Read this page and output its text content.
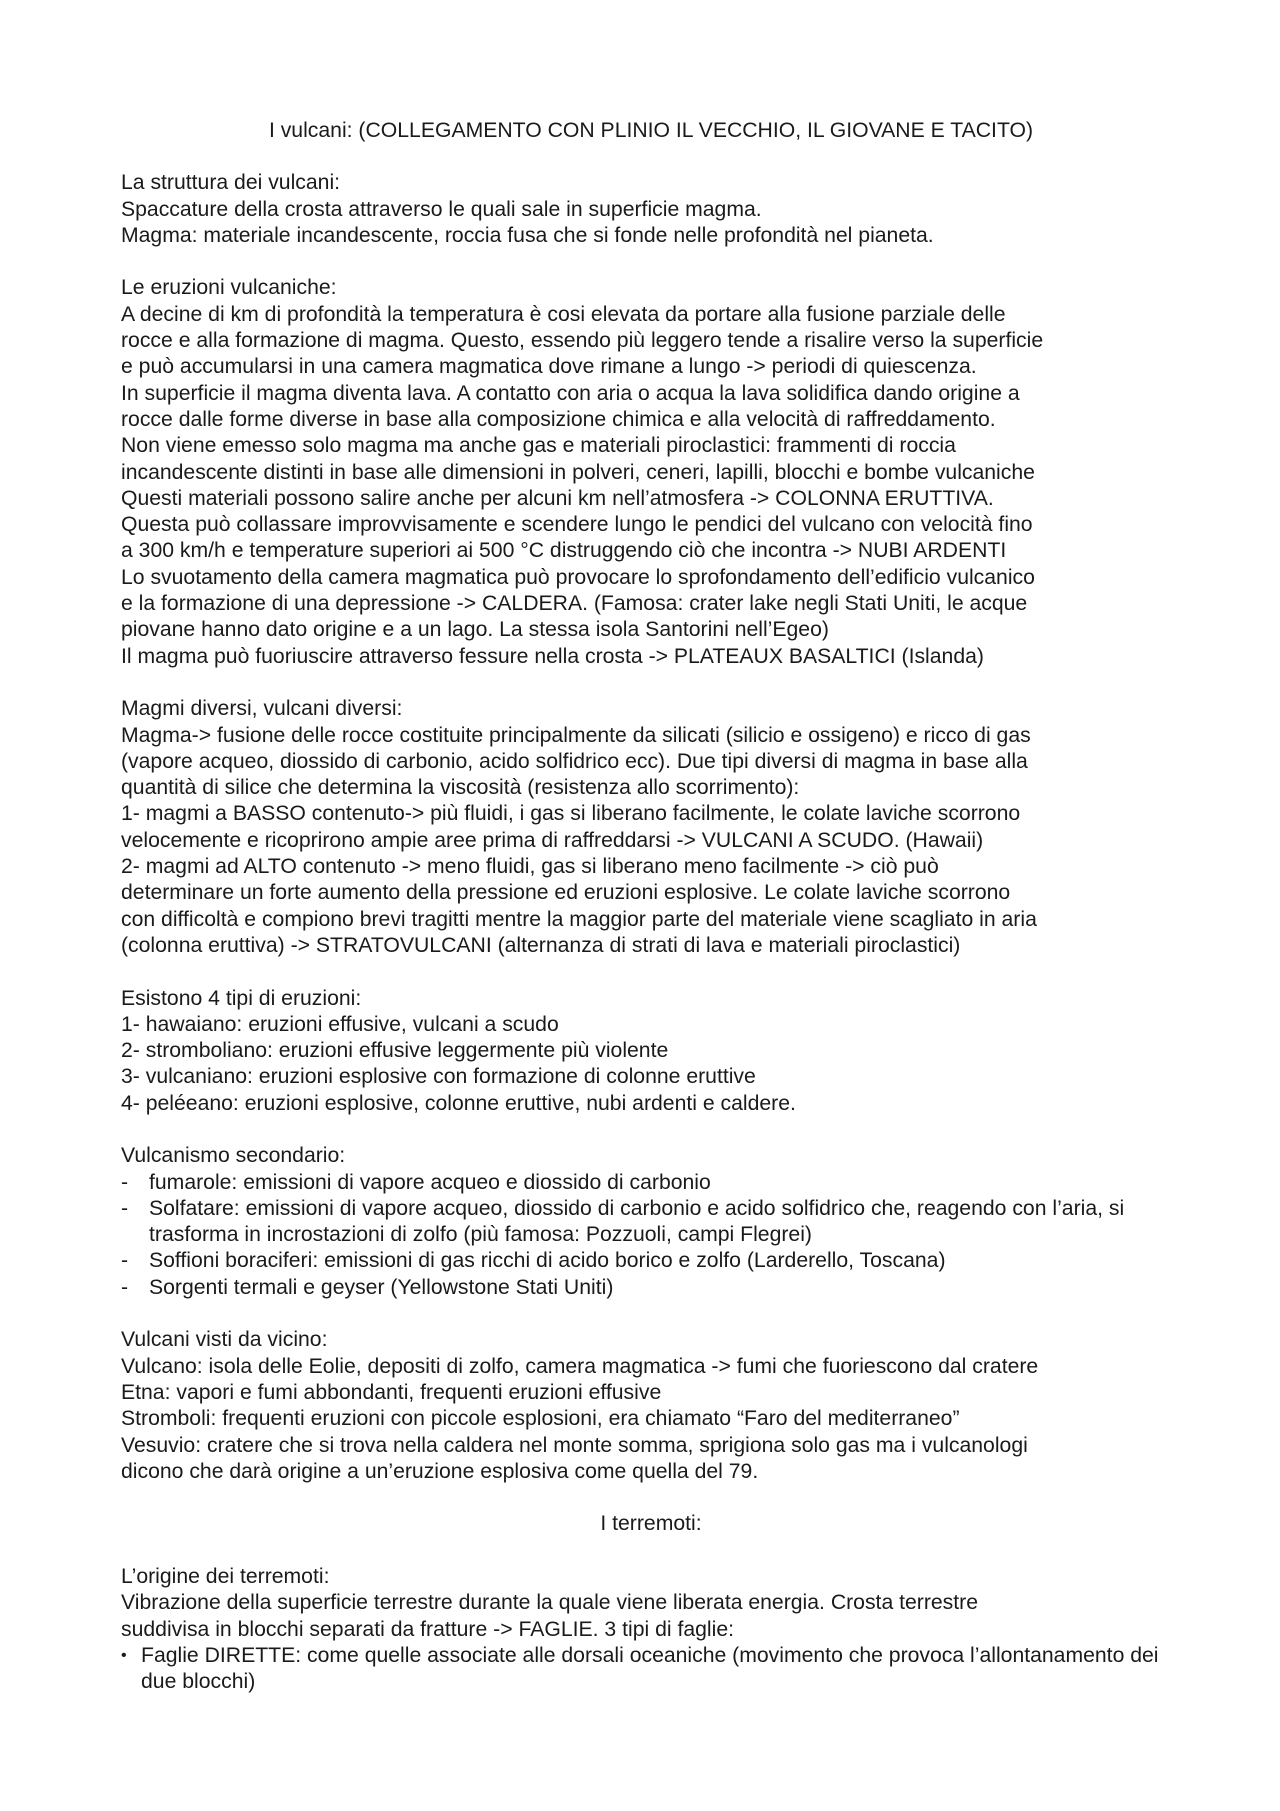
I vulcani: (COLLEGAMENTO CON PLINIO IL VECCHIO, IL GIOVANE E TACITO)
La struttura dei vulcani:
Spaccature della crosta attraverso le quali sale in superficie magma.
Magma: materiale incandescente, roccia fusa che si fonde nelle profondità nel pianeta.
Le eruzioni vulcaniche:
A decine di km di profondità la temperatura è cosi elevata da portare alla fusione parziale delle
rocce e alla formazione di magma. Questo, essendo più leggero tende a risalire verso la superficie
e può accumularsi in una camera magmatica dove rimane a lungo -> periodi di quiescenza.
In superficie il magma diventa lava. A contatto con aria o acqua la lava solidifica dando origine a
rocce dalle forme diverse in base alla composizione chimica e alla velocità di raffreddamento.
Non viene emesso solo magma ma anche gas e materiali piroclastici: frammenti di roccia
incandescente distinti in base alle dimensioni in polveri, ceneri, lapilli, blocchi e bombe vulcaniche
Questi materiali possono salire anche per alcuni km nell’atmosfera -> COLONNA ERUTTIVA.
Questa può collassare improvvisamente e scendere lungo le pendici del vulcano con velocità fino
a 300 km/h e temperature superiori ai 500 °C distruggendo ciò che incontra -> NUBI ARDENTI
Lo svuotamento della camera magmatica può provocare lo sprofondamento dell’edificio vulcanico
e la formazione di una depressione -> CALDERA. (Famosa: crater lake negli Stati Uniti, le acque
piovane hanno dato origine e a un lago. La stessa isola Santorini nell’Egeo)
Il magma può fuoriuscire attraverso fessure nella crosta -> PLATEAUX BASALTICI (Islanda)
Magmi diversi, vulcani diversi:
Magma-> fusione delle rocce costituite principalmente da silicati (silicio e ossigeno) e ricco di gas
(vapore acqueo, diossido di carbonio, acido solfidrico ecc). Due tipi diversi di magma in base alla
quantità di silice che determina la viscosità (resistenza allo scorrimento):
1- magmi a BASSO contenuto-> più fluidi, i gas si liberano facilmente, le colate laviche scorrono
velocemente e ricoprirono ampie aree prima di raffreddarsi -> VULCANI A SCUDO. (Hawaii)
2- magmi ad ALTO contenuto -> meno fluidi, gas si liberano meno facilmente -> ciò può
determinare un forte aumento della pressione ed eruzioni esplosive. Le colate laviche scorrono
con difficoltà e compiono brevi tragitti mentre la maggior parte del materiale viene scagliato in aria
(colonna eruttiva) -> STRATOVULCANI (alternanza di strati di lava e materiali piroclastici)
Esistono 4 tipi di eruzioni:
1- hawaiano: eruzioni effusive, vulcani a scudo
2- stromboliano: eruzioni effusive leggermente più violente
3- vulcaniano: eruzioni esplosive con formazione di colonne eruttive
4- peléeano: eruzioni esplosive, colonne eruttive, nubi ardenti e caldere.
Vulcanismo secondario:
- fumarole: emissioni di vapore acqueo e diossido di carbonio
- Solfatare: emissioni di vapore acqueo, diossido di carbonio e acido solfidrico che, reagendo con l’aria, si trasforma in incrostazioni di zolfo (più famosa: Pozzuoli, campi Flegrei)
- Soffioni boraciferi: emissioni di gas ricchi di acido borico e zolfo (Larderello, Toscana)
- Sorgenti termali e geyser (Yellowstone Stati Uniti)
Vulcani visti da vicino:
Vulcano: isola delle Eolie, depositi di zolfo, camera magmatica -> fumi che fuoriescono dal cratere
Etna: vapori e fumi abbondanti, frequenti eruzioni effusive
Stromboli: frequenti eruzioni con piccole esplosioni, era chiamato “Faro del mediterraneo”
Vesuvio: cratere che si trova nella caldera nel monte somma, sprigiona solo gas ma i vulcanologi
dicono che darà origine a un’eruzione esplosiva come quella del 79.
I terremoti:
L’origine dei terremoti:
Vibrazione della superficie terrestre durante la quale viene liberata energia. Crosta terrestre
suddivisa in blocchi separati da fratture -> FAGLIE. 3 tipi di faglie:
• Faglie DIRETTE: come quelle associate alle dorsali oceaniche (movimento che provoca l’allontanamento dei due blocchi)
